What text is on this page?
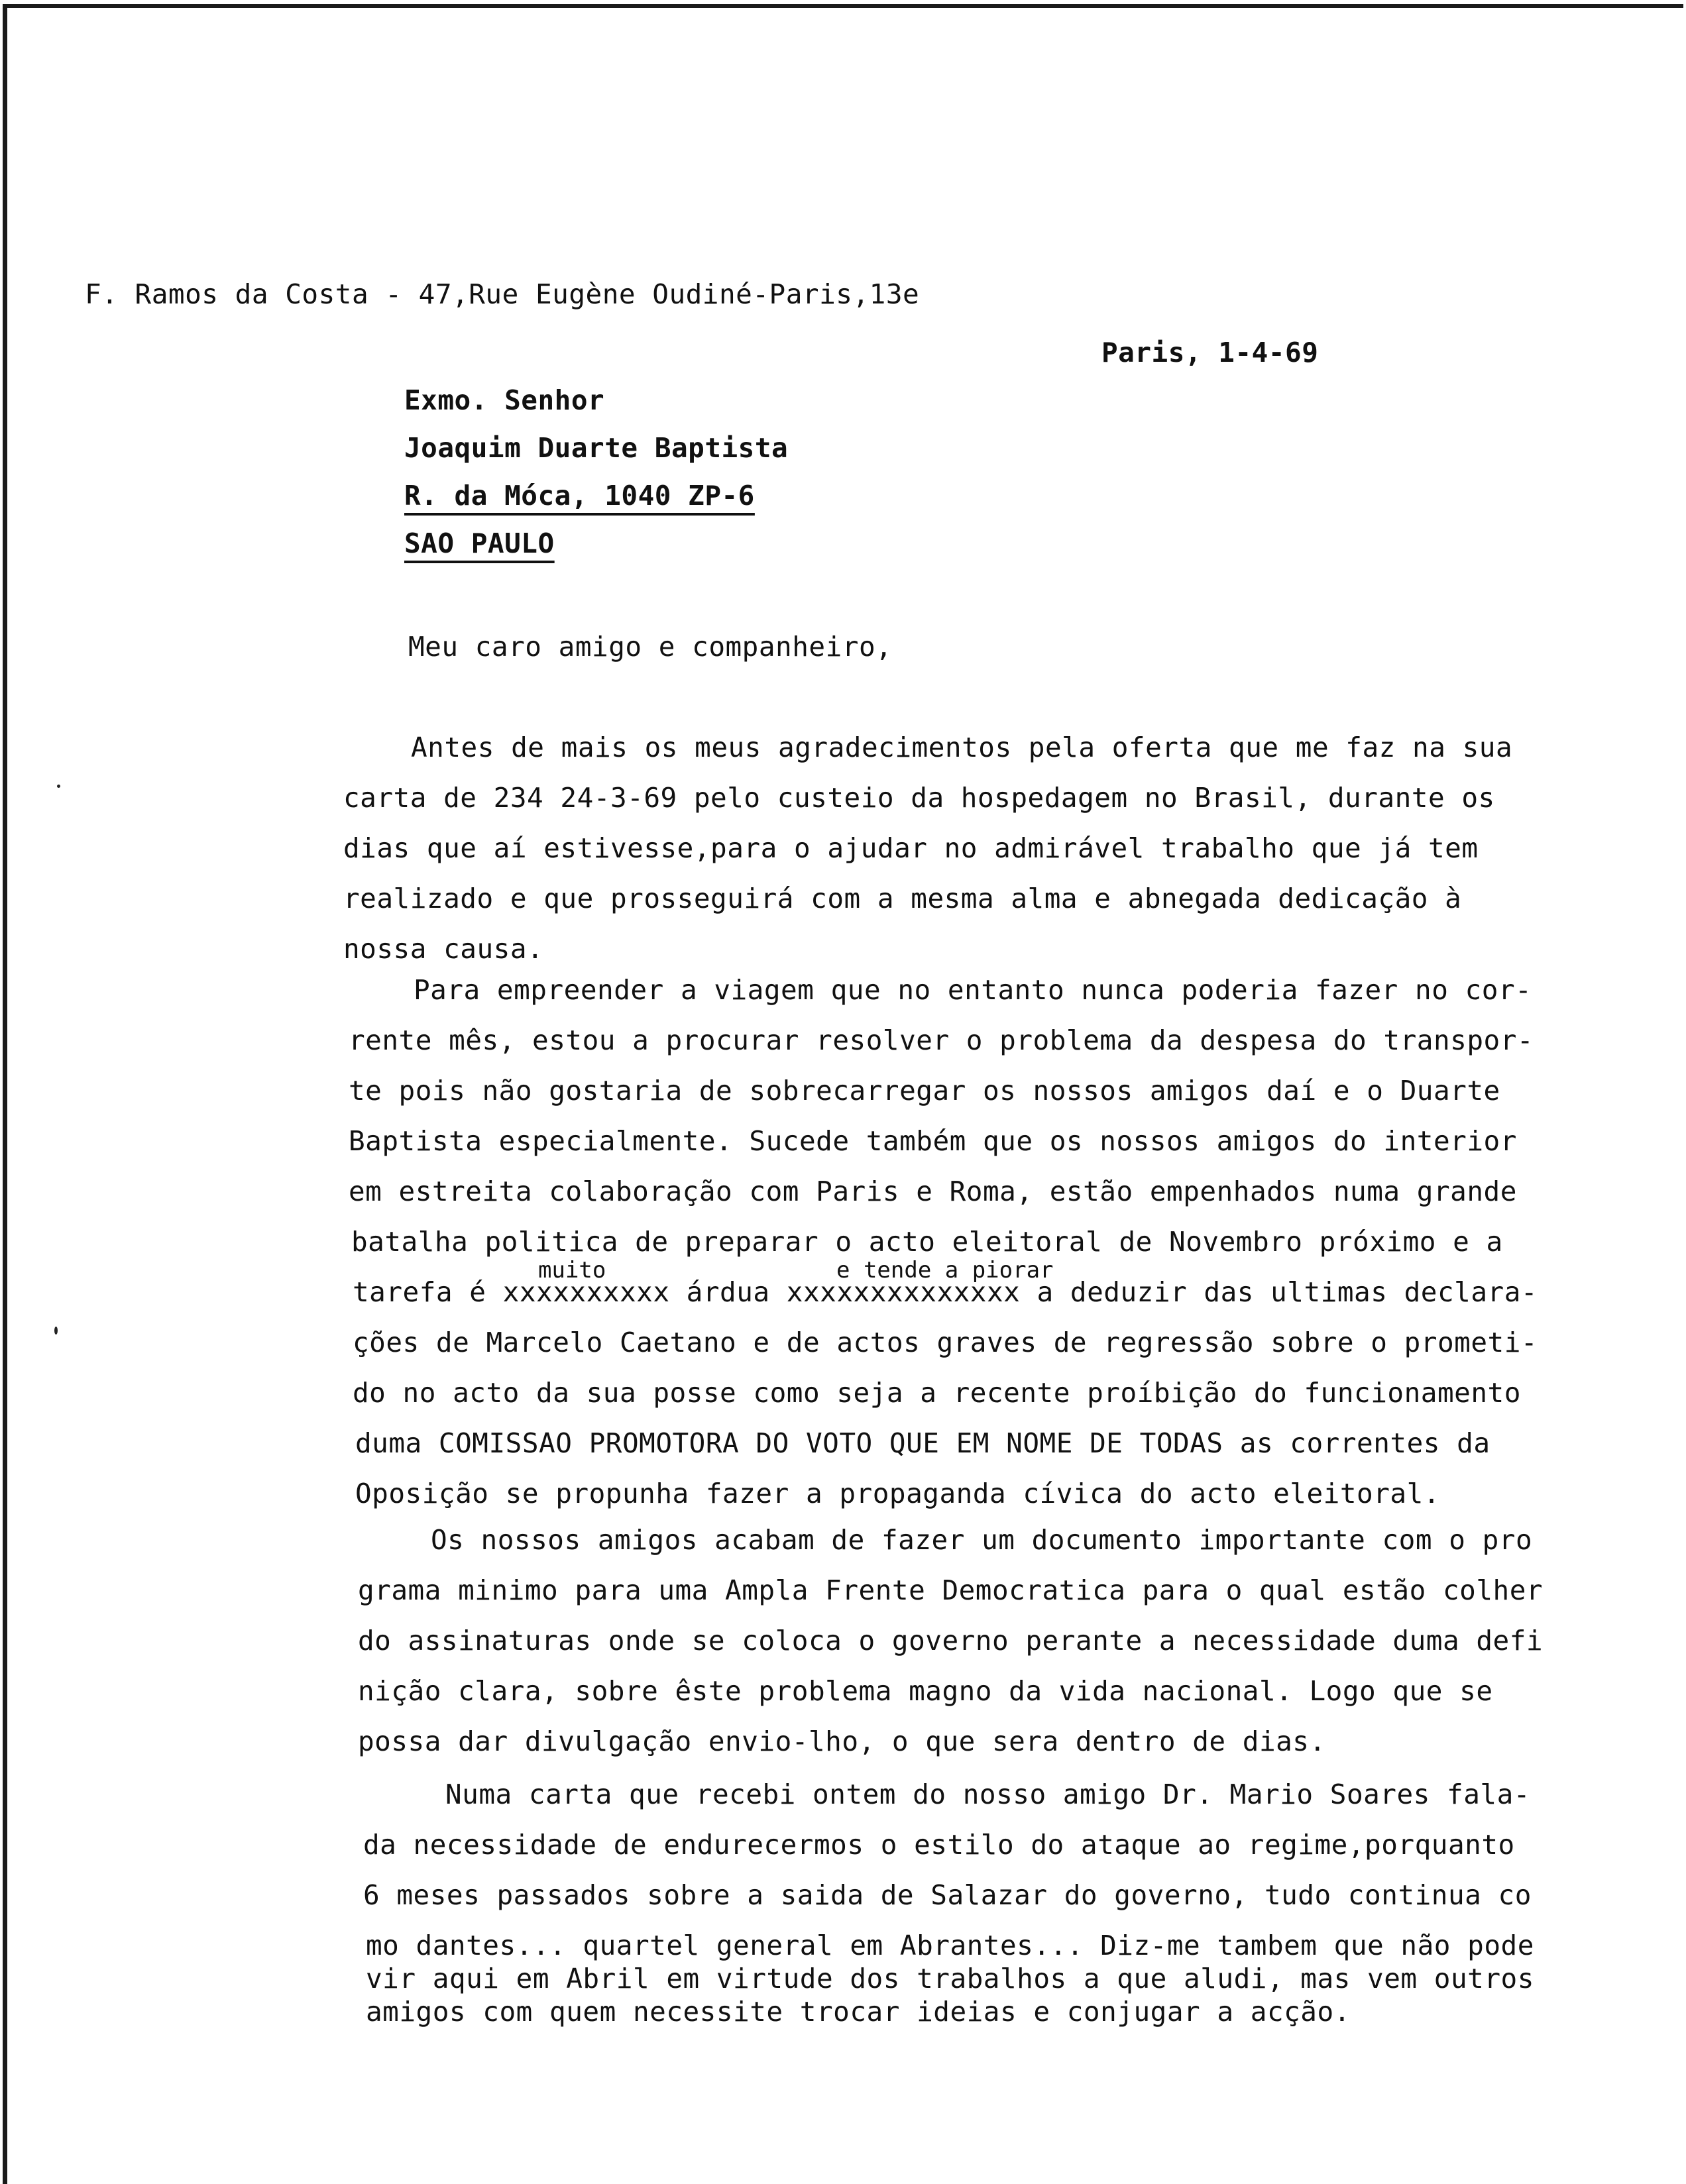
F. Ramos da Costa - 47,Rue Eugène Oudiné-Paris,13e
Paris, 1-4-69
Exmo. Senhor
Joaquim Duarte Baptista
R. da Móca, 1040 ZP-6
SAO PAULO
Meu caro amigo e companheiro,
Antes de mais os meus agradecimentos pela oferta que me faz na sua
carta de 234 24-3-69 pelo custeio da hospedagem no Brasil, durante os
dias que aí estivesse,para o ajudar no admirável trabalho que já tem
realizado e que prosseguirá com a mesma alma e abnegada dedicação à
nossa causa.
Para empreender a viagem que no entanto nunca poderia fazer no cor-
rente mês, estou a procurar resolver o problema da despesa do transpor-
te pois não gostaria de sobrecarregar os nossos amigos daí e o Duarte
Baptista especialmente. Sucede também que os nossos amigos do interior
em estreita colaboração com Paris e Roma, estão empenhados numa grande
batalha politica de preparar o acto eleitoral de Novembro próximo e a
muito	e tende a piorar
tarefa é xxxxxxxxxx árdua xxxxxxxxxxxxxx a deduzir das ultimas declara-
ções de Marcelo Caetano e de actos graves de regressão sobre o prometi-
do no acto da sua posse como seja a recente proíbição do funcionamento
duma COMISSAO PROMOTORA DO VOTO QUE EM NOME DE TODAS as correntes da
Oposição se propunha fazer a propaganda cívica do acto eleitoral.
Os nossos amigos acabam de fazer um documento importante com o pro
grama minimo para uma Ampla Frente Democratica para o qual estão colher
do assinaturas onde se coloca o governo perante a necessidade duma defi
nição clara, sobre êste problema magno da vida nacional. Logo que se
possa dar divulgação envio-lho, o que sera dentro de dias.
Numa carta que recebi ontem do nosso amigo Dr. Mario Soares fala-
da necessidade de endurecermos o estilo do ataque ao regime,porquanto
6 meses passados sobre a saida de Salazar do governo, tudo continua co
mo dantes... quartel general em Abrantes... Diz-me tambem que não pode
vir aqui em Abril em virtude dos trabalhos a que aludi, mas vem outros
amigos com quem necessite trocar ideias e conjugar a acção.
